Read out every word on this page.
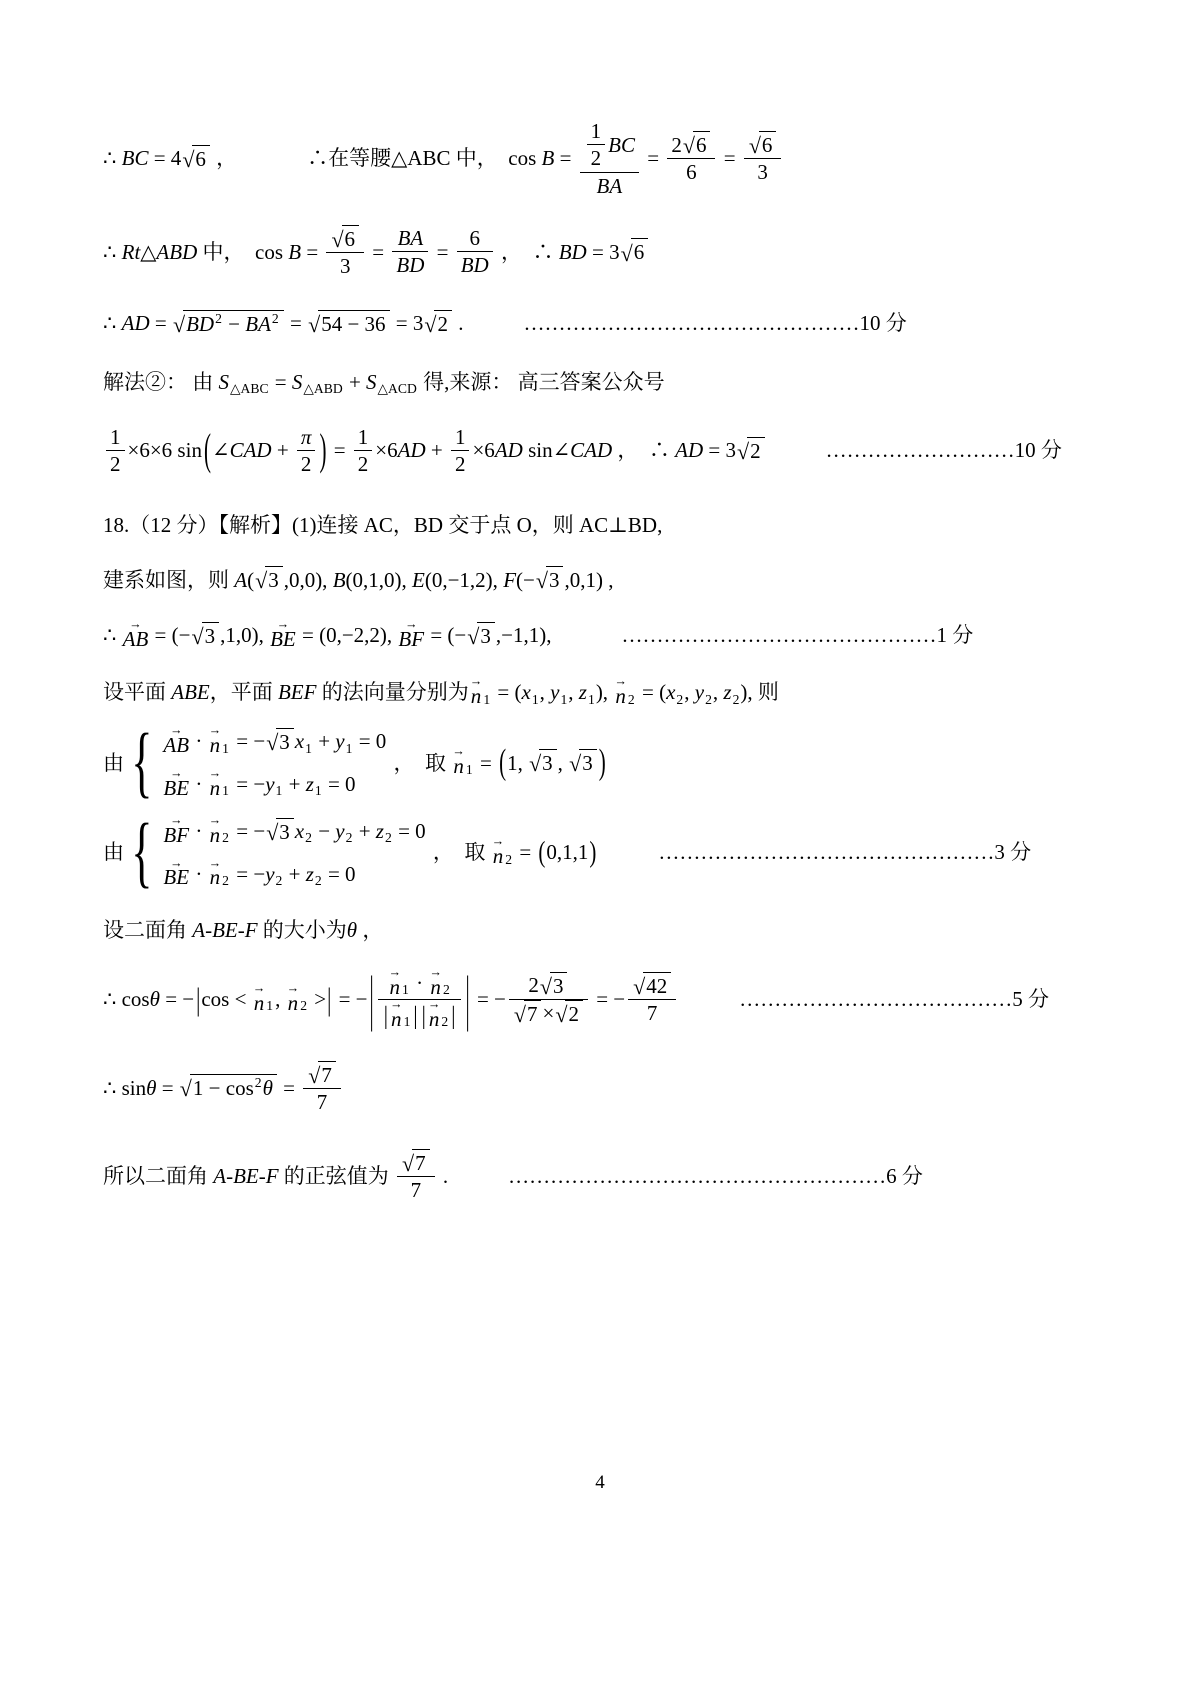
∴ BC = 4 √ 6 ，	∴在等腰△ABC 中，  $\cos B = \frac{\frac{1}{2} BC}{BA} = \frac{2 √ 6}{6} = \frac{√ 6}{3}$
∴ Rt△ABD 中，  $\cos B = \frac{√ 6}{3} = \frac{BA}{BD} = \frac{6}{BD}$ ，  ∴ BD = 3 √ 6
∴ AD = √ BD 2 − BA 2 = √ 54 − 36 = 3 √ 2 .	…………………………………………10 分
解法②： 由 S △ABC = S △ABD + S △ACD 得,来源： 高三答案公众号
$\frac{1}{2} \times 6\times 6$ sin ( ∠ CAD + $\frac{\pi}{2}$ ) = $\frac{1}{2} \times 6$ AD + $\frac{1}{2} \times 6$ AD sin∠ CAD ，  ∴ AD = 3 √ 2	………………………10 分
18.（12 分）【解析】(1)连接 AC，BD 交于点 O，则 AC⊥BD,
建系如图，则 A ( √ 3 ,0,0), B (0,1,0), E (0,−1,2), F (− √ 3 ,0,1) ,
∴ →
AB = (− √ 3 ,1,0), →
BE = (0,−2,2), →
BF = (− √ 3 ,−1,1),	………………………………………1 分
设平面 ABE ，平面 BEF 的法向量分别为 →
n 1 = ( x 1 , y 1 , z 1 ), →
n 2 = ( x 2 , y 2 , z 2 ), 则
由 { →
AB · →
n 1 = − √ 3 x 1 + y 1 = 0
→
BE · →
n 1 = − y 1 + z 1 = 0
，  取 →
n 1 = ( 1, √ 3 , √ 3 )
由 { →
BF · →
n 2 = − √ 3 x 2 − y 2 + z 2 = 0
→
BE · →
n 2 = − y 2 + z 2 = 0
，  取 →
n 2 = ( 0,1,1 )	…………………………………………3 分
设二面角 A-BE-F 的大小为 θ ，
∴ cos θ = − | cos < →
n 1 , →
n 2 > | = − | →
n 1 · →
n 2
| →
n 1 | | →
n 2 | | = − $\frac{2 √ 3}{√ 7 \times √ 2}$ = − $\frac{√ 42}{7}$	…………………………………5 分
∴ sin θ = √ 1 − cos 2 $\theta = \frac{√ 7}{7}$
所以二面角 A-BE-F 的正弦值为 $\frac{√ 7}{7}$ .	………………………………………………6 分
4
